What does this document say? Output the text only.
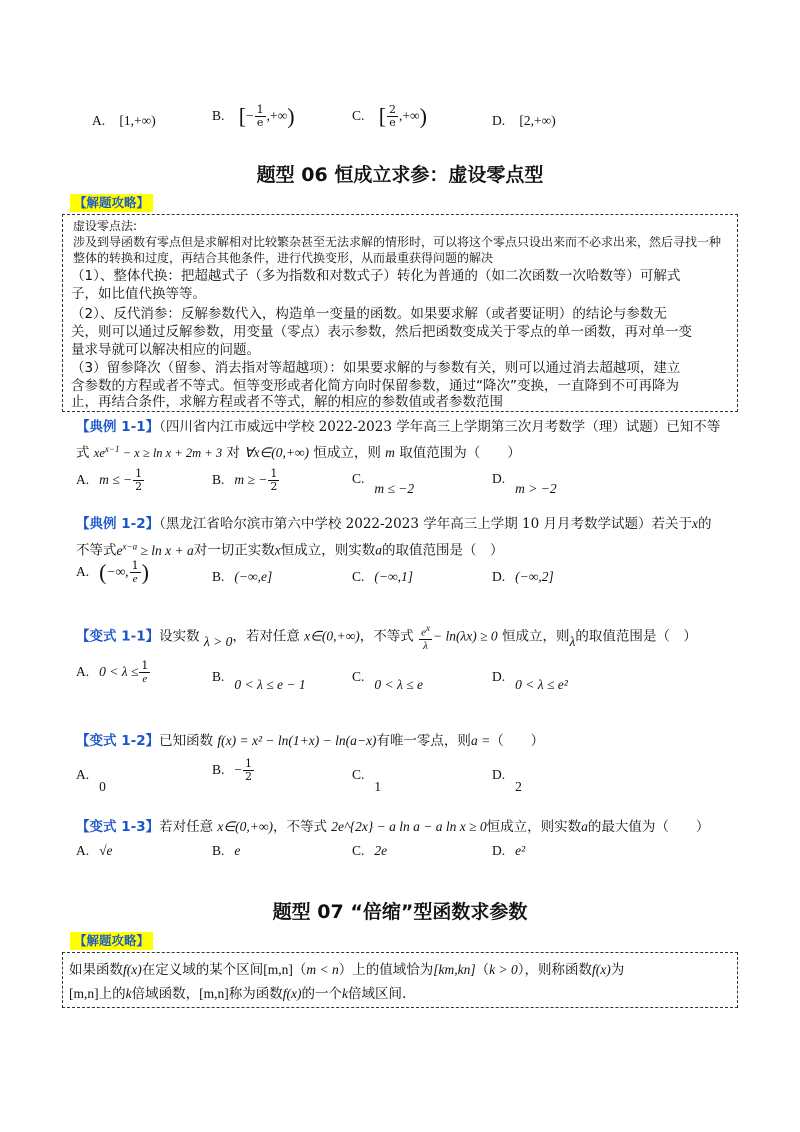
A. [1,+∞)	B. [− $\frac{1}{e}$ ,+∞)	C. [ $\frac{2}{e}$ ,+∞)	D. [2,+∞)
题型 06 恒成立求参：虚设零点型
【解题攻略】
虚设零点法:
涉及到导函数有零点但是求解相对比较繁杂甚至无法求解的情形时，可以将这个零点只设出来而不必求出来，然后寻找一种
整体的转换和过度，再结合其他条件，进行代换变形，从而最重获得问题的解决
（1）、整体代换：把超越式子（多为指数和对数式子）转化为普通的（如二次函数一次哈数等）可解式
子，如比值代换等等。
（2）、反代消参：反解参数代入，构造单一变量的函数。如果要求解（或者要证明）的结论与参数无
关，则可以通过反解参数，用变量（零点）表示参数，然后把函数变成关于零点的单一函数，再对单一变
量求导就可以解决相应的问题。
（3）留参降次（留参、消去指对等超越项）：如果要求解的与参数有关，则可以通过消去超越项，建立
含参数的方程或者不等式。恒等变形或者化简方向时保留参数，通过“降次”变换，一直降到不可再降为
止，再结合条件，求解方程或者不等式，解的相应的参数值或者参数范围
【典例 1-1】（四川省内江市威远中学校 2022-2023 学年高三上学期第三次月考数学（理）试题）已知不等
式 $xe^{x-1} - x \ge \ln x + 2m + 3$ 对 ∀x∈(0,+∞) 恒成立，则 m 取值范围为（　　）
A. m ≤ − $\frac{1}{2}$	B. m ≥ − $\frac{1}{2}$	C.m ≤ −2
D.m > −2
【典例 1-2】（黑龙江省哈尔滨市第六中学校 2022-2023 学年高三上学期 10 月月考数学试题）若关于x的
不等式$e^{x-a} \ge \ln x + a$对一切正实数x恒成立，则实数a的取值范围是（　）
A. (−∞, $\frac{1}{e}$ )	B. (−∞,e]	C. (−∞,1]	D. (−∞,2]
【变式 1-1】设实数 λ > 0，若对任意 x∈(0,+∞)，不等式 $\frac{e^x}{\lambda} - \ln(\lambda x) \ge 0$ 恒成立，则λ的取值范围是（　）
A. $0 < \lambda \le \frac{1}{e}$	B.0 < λ ≤ e − 1
C.0 < λ ≤ e
D.0 < λ ≤ e²
【变式 1-2】已知函数 f(x) = x² − ln(1+x) − ln(a−x)有唯一零点，则a =（　　）
A.0
B. − $\frac{1}{2}$	C.1
D.2
【变式 1-3】若对任意 x∈(0,+∞)，不等式 2e^{2x} − a ln a − a ln x ≥ 0恒成立，则实数a的最大值为（　　）
A. √e	B. e	C. 2e	D. e²
题型 07 “倍缩”型函数求参数
【解题攻略】
如果函数f(x)在定义域的某个区间[m,n]（m < n）上的值域恰为[km,kn]（k > 0），则称函数f(x)为
[m,n]上的k倍域函数，[m,n]称为函数f(x)的一个k倍域区间.
